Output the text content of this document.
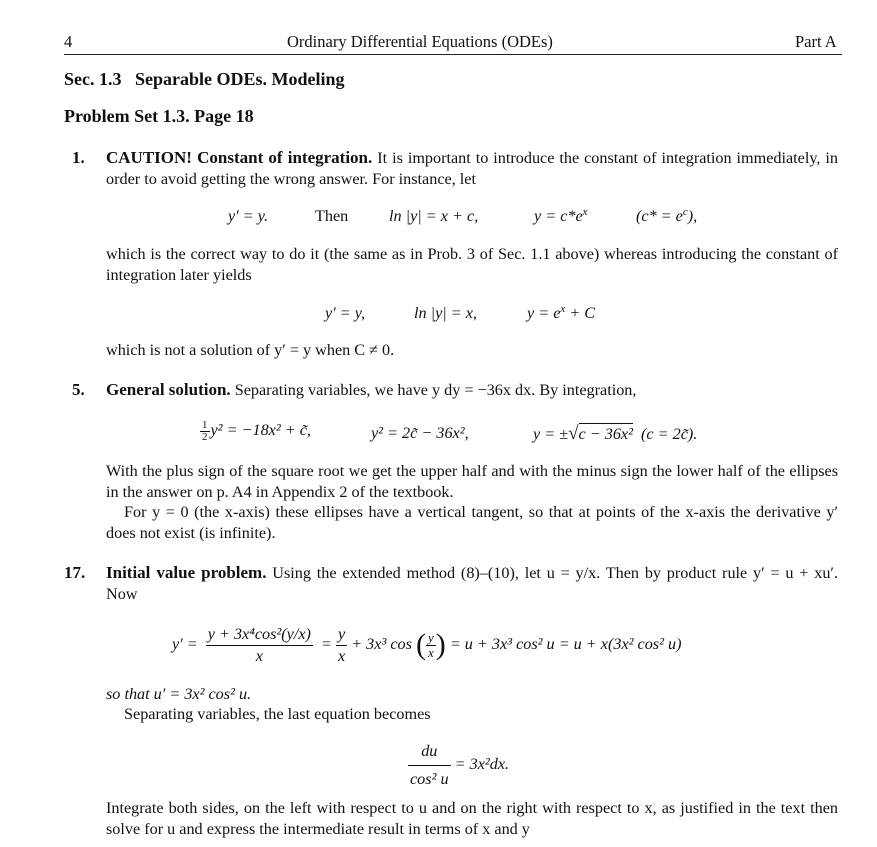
4	Ordinary Differential Equations (ODEs)	Part A
Sec. 1.3   Separable ODEs. Modeling
Problem Set 1.3. Page 18
1. CAUTION! Constant of integration. It is important to introduce the constant of integration immediately, in order to avoid getting the wrong answer. For instance, let
y′ = y.	Then	ln |y| = x + c,	$y = c*e^x$	$(c* = e^c)$,
which is the correct way to do it (the same as in Prob. 3 of Sec. 1.1 above) whereas introducing the constant of integration later yields
y′ = y,	ln |y| = x,	$y = e^x + C$
which is not a solution of y′ = y when C ≠ 0.
5. General solution. Separating variables, we have y dy = −36x dx. By integration,
$\frac{1}{2} y^2 = -18x^2$ + c̃,	y² = 2c̃ − 36x²,	y = ±√c − 36x² (c = 2c̃).
With the plus sign of the square root we get the upper half and with the minus sign the lower half of the ellipses in the answer on p. A4 in Appendix 2 of the textbook.
For y = 0 (the x-axis) these ellipses have a vertical tangent, so that at points of the x-axis the derivative y′ does not exist (is infinite).
17. Initial value problem. Using the extended method (8)–(10), let u = y/x. Then by product rule y′ = u + xu′. Now
$y' = \frac{\text{y + 3x⁴cos²(y/x)}}{x} = \frac{y}{x} + 3x^3$ cos ( $\frac{y}{x}$ ) = u + 3x³ cos² u = u + x(3x² cos² u)
so that u′ = 3x² cos² u.
Separating variables, the last equation becomes
$\frac{du}{\text{cos² u}} = 3x^2dx$.
Integrate both sides, on the left with respect to u and on the right with respect to x, as justified in the text then solve for u and express the intermediate result in terms of x and y
